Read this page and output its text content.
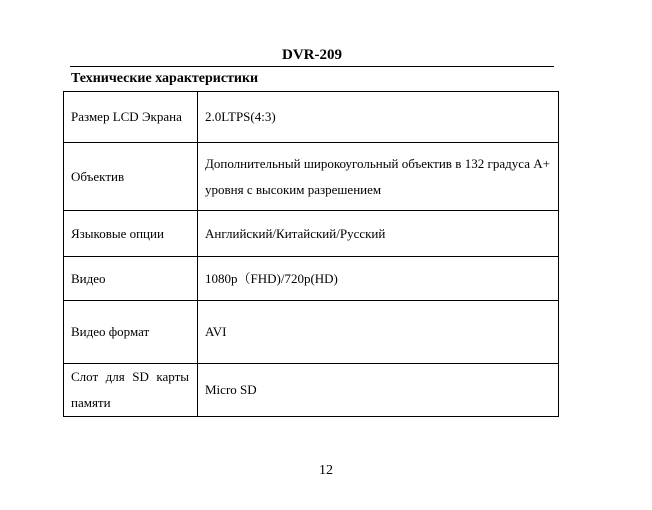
DVR-209
Технические характеристики
Размер LCD Экрана	2.0LTPS(4:3)
Объектив	Дополнительный широкоугольный объектив в 132 градуса A+ уровня с высоким разрешением
Языковые опции	Английский/Китайский/Русский
Видео	1080p（FHD)/720p(HD)
Видео формат	AVI
Слот для SD карты памяти	Micro SD
12
